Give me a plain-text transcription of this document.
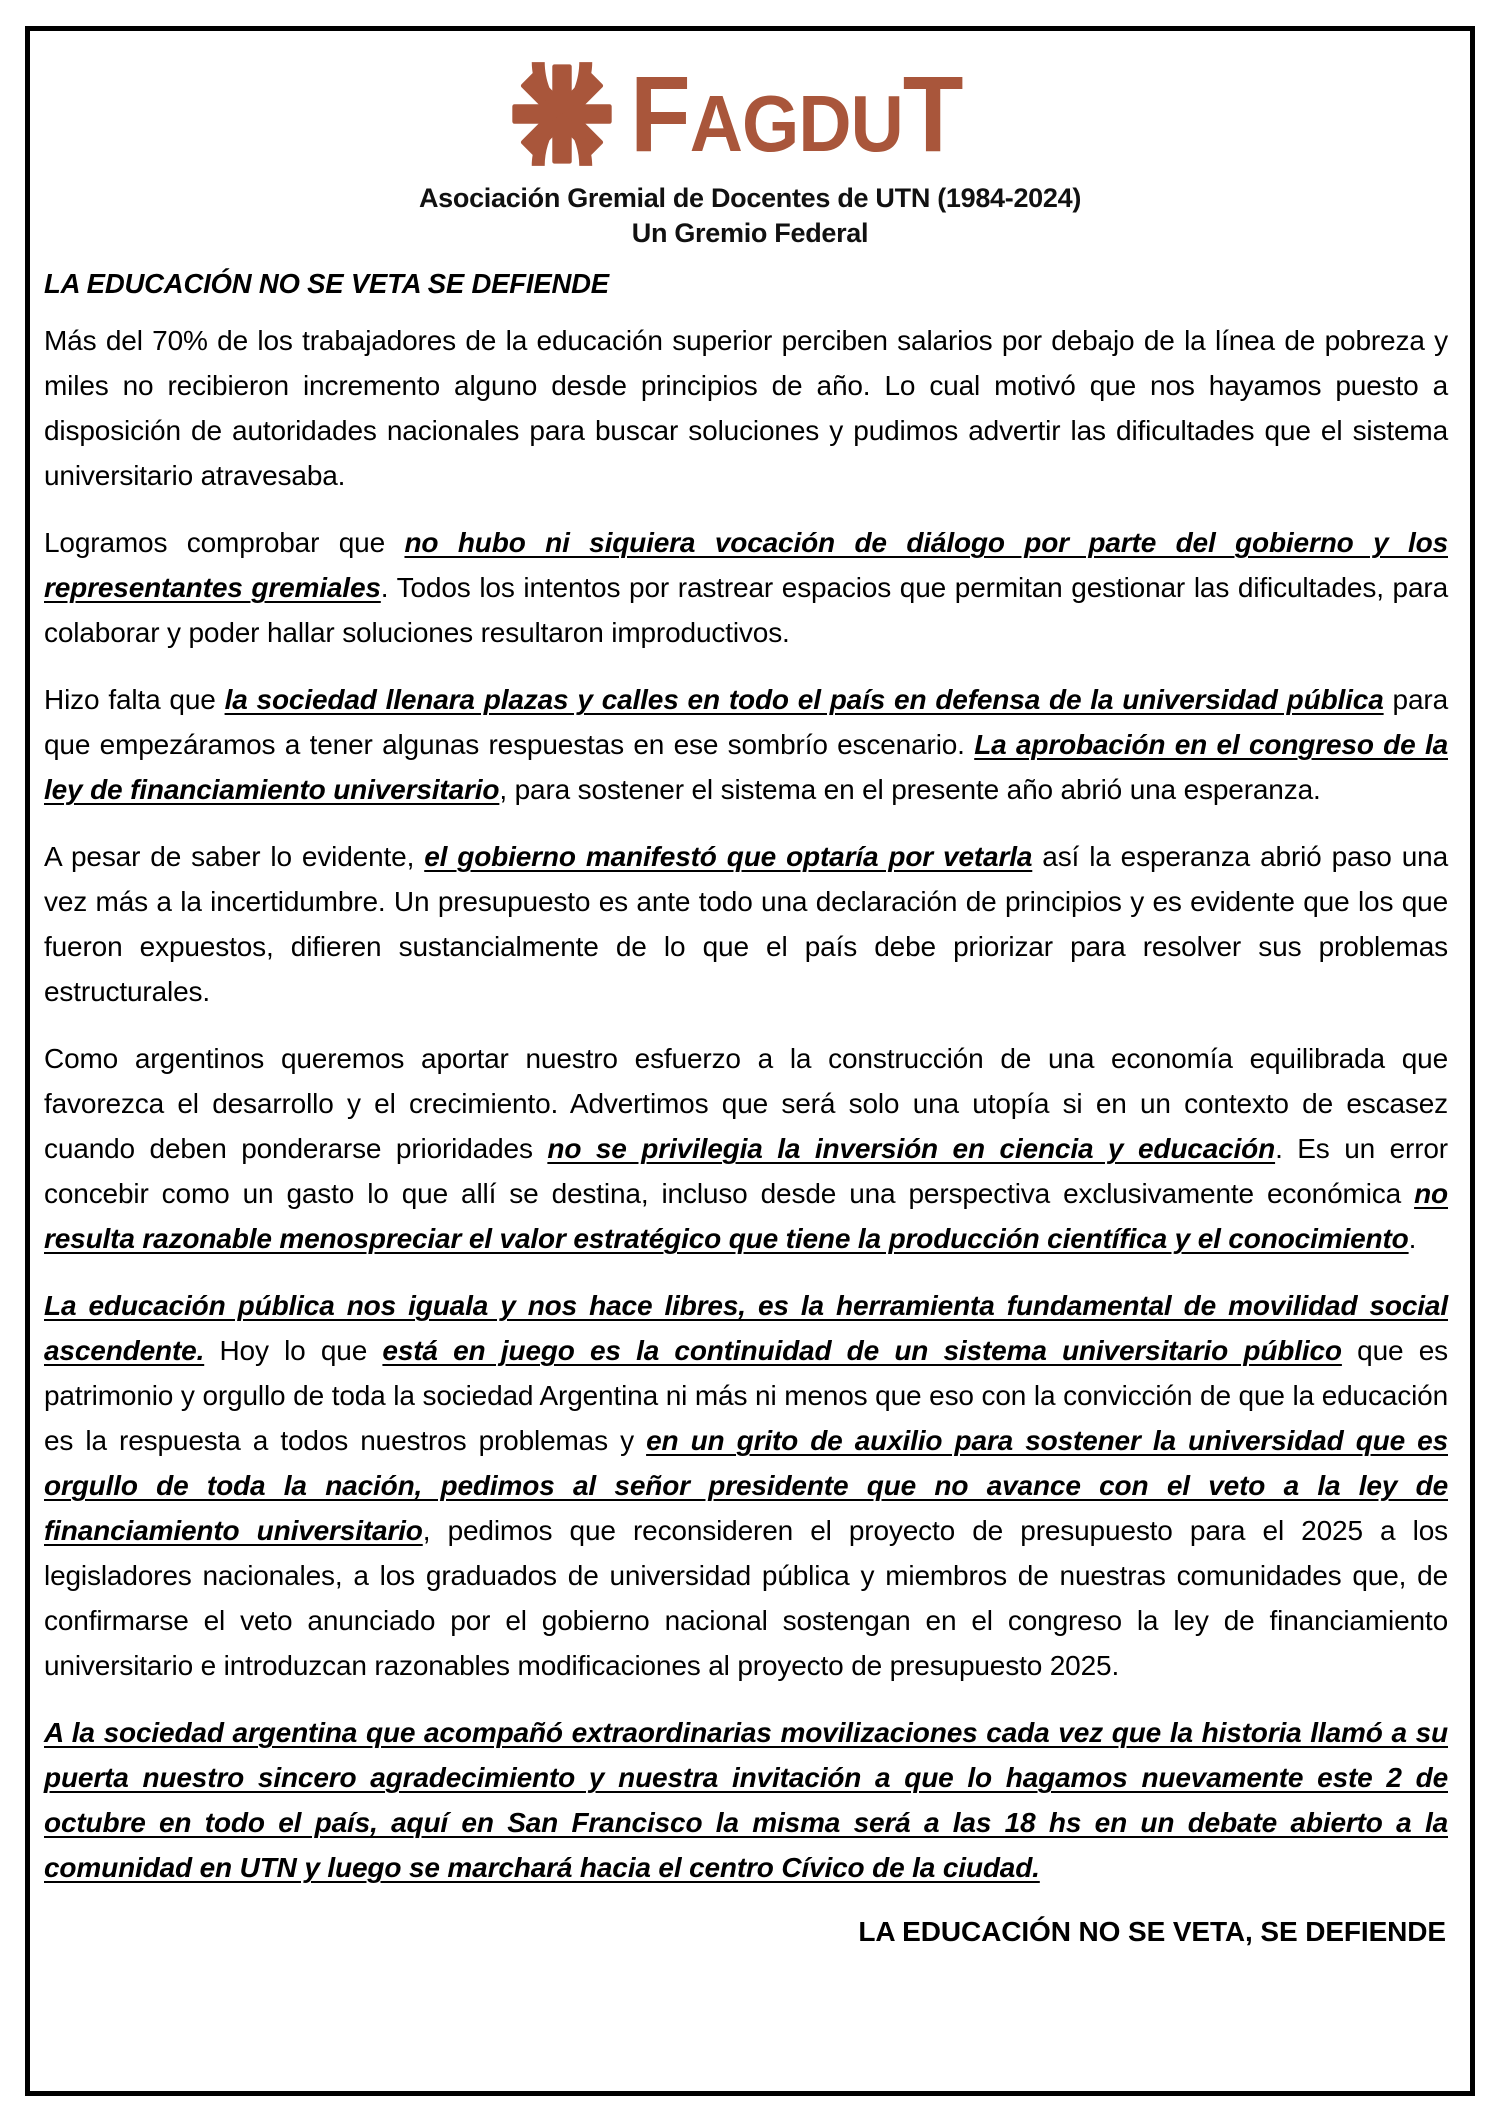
FAGDUT
Asociación Gremial de Docentes de UTN (1984-2024)
Un Gremio Federal
LA EDUCACIÓN NO SE VETA SE DEFIENDE

Más del 70% de los trabajadores de la educación superior perciben salarios por debajo de la línea de pobreza y miles no recibieron incremento alguno desde principios de año. Lo cual motivó que nos hayamos puesto a disposición de autoridades nacionales para buscar soluciones y pudimos advertir las dificultades que el sistema universitario atravesaba.

Logramos comprobar que no hubo ni siquiera vocación de diálogo por parte del gobierno y los representantes gremiales. Todos los intentos por rastrear espacios que permitan gestionar las dificultades, para colaborar y poder hallar soluciones resultaron improductivos.

Hizo falta que la sociedad llenara plazas y calles en todo el país en defensa de la universidad pública para que empezáramos a tener algunas respuestas en ese sombrío escenario. La aprobación en el congreso de la ley de financiamiento universitario, para sostener el sistema en el presente año abrió una esperanza.

A pesar de saber lo evidente, el gobierno manifestó que optaría por vetarla así la esperanza abrió paso una vez más a la incertidumbre. Un presupuesto es ante todo una declaración de principios y es evidente que los que fueron expuestos, difieren sustancialmente de lo que el país debe priorizar para resolver sus problemas estructurales.

Como argentinos queremos aportar nuestro esfuerzo a la construcción de una economía equilibrada que favorezca el desarrollo y el crecimiento. Advertimos que será solo una utopía si en un contexto de escasez cuando deben ponderarse prioridades no se privilegia la inversión en ciencia y educación. Es un error concebir como un gasto lo que allí se destina, incluso desde una perspectiva exclusivamente económica no resulta razonable menospreciar el valor estratégico que tiene la producción científica y el conocimiento.

La educación pública nos iguala y nos hace libres, es la herramienta fundamental de movilidad social ascendente. Hoy lo que está en juego es la continuidad de un sistema universitario público que es patrimonio y orgullo de toda la sociedad Argentina ni más ni menos que eso con la convicción de que la educación es la respuesta a todos nuestros problemas y en un grito de auxilio para sostener la universidad que es orgullo de toda la nación, pedimos al señor presidente que no avance con el veto a la ley de financiamiento universitario, pedimos que reconsideren el proyecto de presupuesto para el 2025 a los legisladores nacionales, a los graduados de universidad pública y miembros de nuestras comunidades que, de confirmarse el veto anunciado por el gobierno nacional sostengan en el congreso la ley de financiamiento universitario e introduzcan razonables modificaciones al proyecto de presupuesto 2025.

A la sociedad argentina que acompañó extraordinarias movilizaciones cada vez que la historia llamó a su puerta nuestro sincero agradecimiento y nuestra invitación a que lo hagamos nuevamente este 2 de octubre en todo el país, aquí en San Francisco la misma será a las 18 hs en un debate abierto a la comunidad en UTN y luego se marchará hacia el centro Cívico de la ciudad.

LA EDUCACIÓN NO SE VETA, SE DEFIENDE
